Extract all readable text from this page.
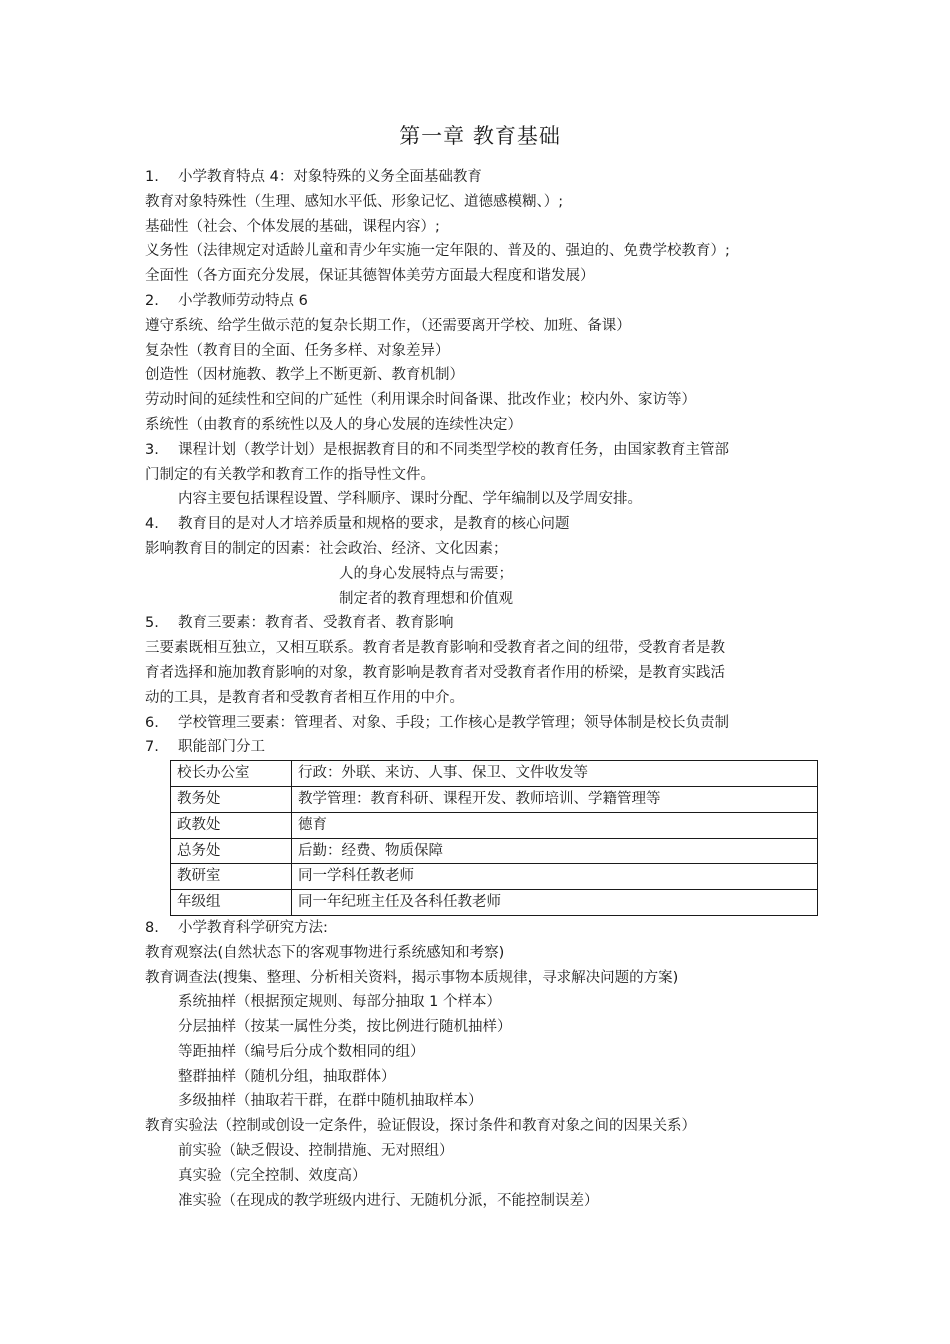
第一章 教育基础
1. 小学教育特点 4：对象特殊的义务全面基础教育
教育对象特殊性（生理、感知水平低、形象记忆、道德感模糊、）;
基础性（社会、个体发展的基础，课程内容）;
义务性（法律规定对适龄儿童和青少年实施一定年限的、普及的、强迫的、免费学校教育）;
全面性（各方面充分发展，保证其德智体美劳方面最大程度和谐发展）
2. 小学教师劳动特点 6
遵守系统、给学生做示范的复杂长期工作，（还需要离开学校、加班、备课）
复杂性（教育目的全面、任务多样、对象差异）
创造性（因材施教、教学上不断更新、教育机制）
劳动时间的延续性和空间的广延性（利用课余时间备课、批改作业；校内外、家访等）
系统性（由教育的系统性以及人的身心发展的连续性决定）
3. 课程计划（教学计划）是根据教育目的和不同类型学校的教育任务，由国家教育主管部
门制定的有关教学和教育工作的指导性文件。
内容主要包括课程设置、学科顺序、课时分配、学年编制以及学周安排。
4. 教育目的是对人才培养质量和规格的要求，是教育的核心问题
影响教育目的制定的因素：社会政治、经济、文化因素；
人的身心发展特点与需要；
制定者的教育理想和价值观
5. 教育三要素：教育者、受教育者、教育影响
三要素既相互独立，又相互联系。教育者是教育影响和受教育者之间的纽带，受教育者是教
育者选择和施加教育影响的对象，教育影响是教育者对受教育者作用的桥梁，是教育实践活
动的工具，是教育者和受教育者相互作用的中介。
6. 学校管理三要素：管理者、对象、手段；工作核心是教学管理；领导体制是校长负责制
7. 职能部门分工
校长办公室	行政：外联、来访、人事、保卫、文件收发等
教务处	教学管理：教育科研、课程开发、教师培训、学籍管理等
政教处	德育
总务处	后勤：经费、物质保障
教研室	同一学科任教老师
年级组	同一年纪班主任及各科任教老师
8. 小学教育科学研究方法:
教育观察法(自然状态下的客观事物进行系统感知和考察)
教育调查法(搜集、整理、分析相关资料，揭示事物本质规律，寻求解决问题的方案)
系统抽样（根据预定规则、每部分抽取 1 个样本）
分层抽样（按某一属性分类，按比例进行随机抽样）
等距抽样（编号后分成个数相同的组）
整群抽样（随机分组，抽取群体）
多级抽样（抽取若干群，在群中随机抽取样本）
教育实验法（控制或创设一定条件，验证假设，探讨条件和教育对象之间的因果关系）
前实验（缺乏假设、控制措施、无对照组）
真实验（完全控制、效度高）
准实验（在现成的教学班级内进行、无随机分派，不能控制误差）
